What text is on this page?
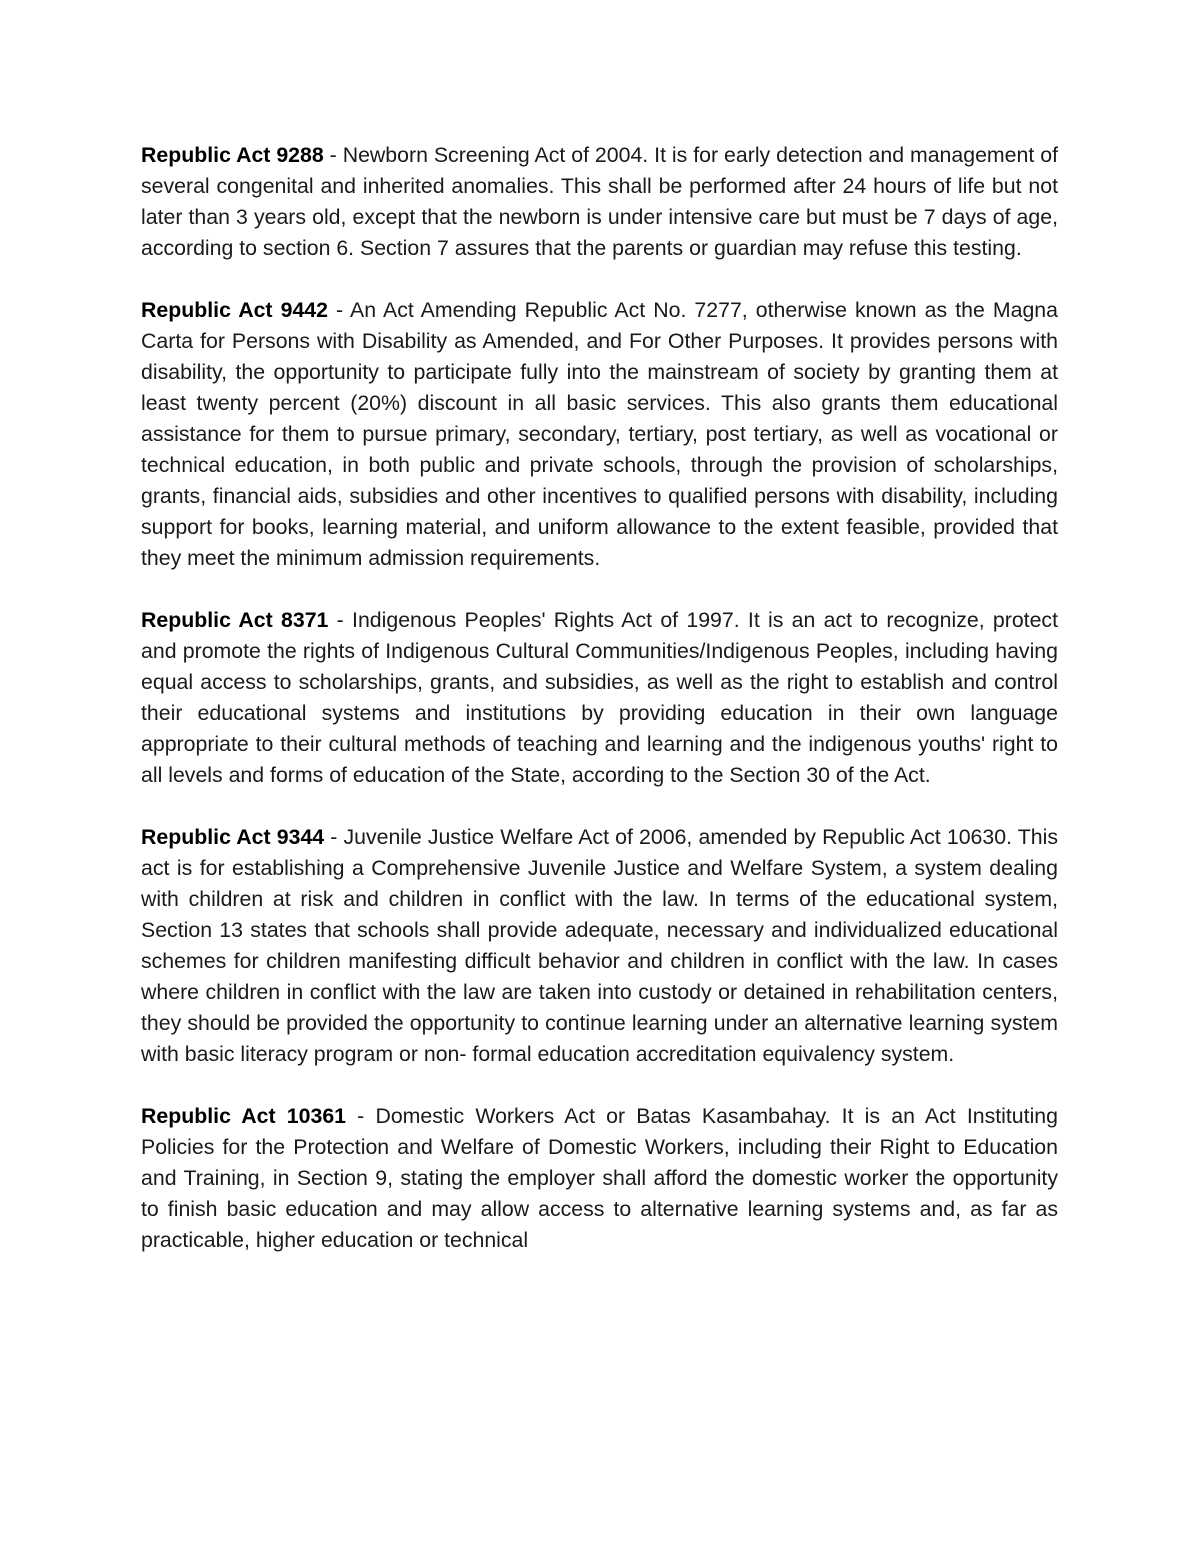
Republic Act 9288 - Newborn Screening Act of 2004. It is for early detection and management of several congenital and inherited anomalies. This shall be performed after 24 hours of life but not later than 3 years old, except that the newborn is under intensive care but must be 7 days of age, according to section 6. Section 7 assures that the parents or guardian may refuse this testing.

Republic Act 9442 - An Act Amending Republic Act No. 7277, otherwise known as the Magna Carta for Persons with Disability as Amended, and For Other Purposes. It provides persons with disability, the opportunity to participate fully into the mainstream of society by granting them at least twenty percent (20%) discount in all basic services. This also grants them educational assistance for them to pursue primary, secondary, tertiary, post tertiary, as well as vocational or technical education, in both public and private schools, through the provision of scholarships, grants, financial aids, subsidies and other incentives to qualified persons with disability, including support for books, learning material, and uniform allowance to the extent feasible, provided that they meet the minimum admission requirements.

Republic Act 8371 - Indigenous Peoples' Rights Act of 1997. It is an act to recognize, protect and promote the rights of Indigenous Cultural Communities/Indigenous Peoples, including having equal access to scholarships, grants, and subsidies, as well as the right to establish and control their educational systems and institutions by providing education in their own language appropriate to their cultural methods of teaching and learning and the indigenous youths' right to all levels and forms of education of the State, according to the Section 30 of the Act.

Republic Act 9344 - Juvenile Justice Welfare Act of 2006, amended by Republic Act 10630. This act is for establishing a Comprehensive Juvenile Justice and Welfare System, a system dealing with children at risk and children in conflict with the law. In terms of the educational system, Section 13 states that schools shall provide adequate, necessary and individualized educational schemes for children manifesting difficult behavior and children in conflict with the law. In cases where children in conflict with the law are taken into custody or detained in rehabilitation centers, they should be provided the opportunity to continue learning under an alternative learning system with basic literacy program or non- formal education accreditation equivalency system.

Republic Act 10361 - Domestic Workers Act or Batas Kasambahay. It is an Act Instituting Policies for the Protection and Welfare of Domestic Workers, including their Right to Education and Training, in Section 9, stating the employer shall afford the domestic worker the opportunity to finish basic education and may allow access to alternative learning systems and, as far as practicable, higher education or technical
